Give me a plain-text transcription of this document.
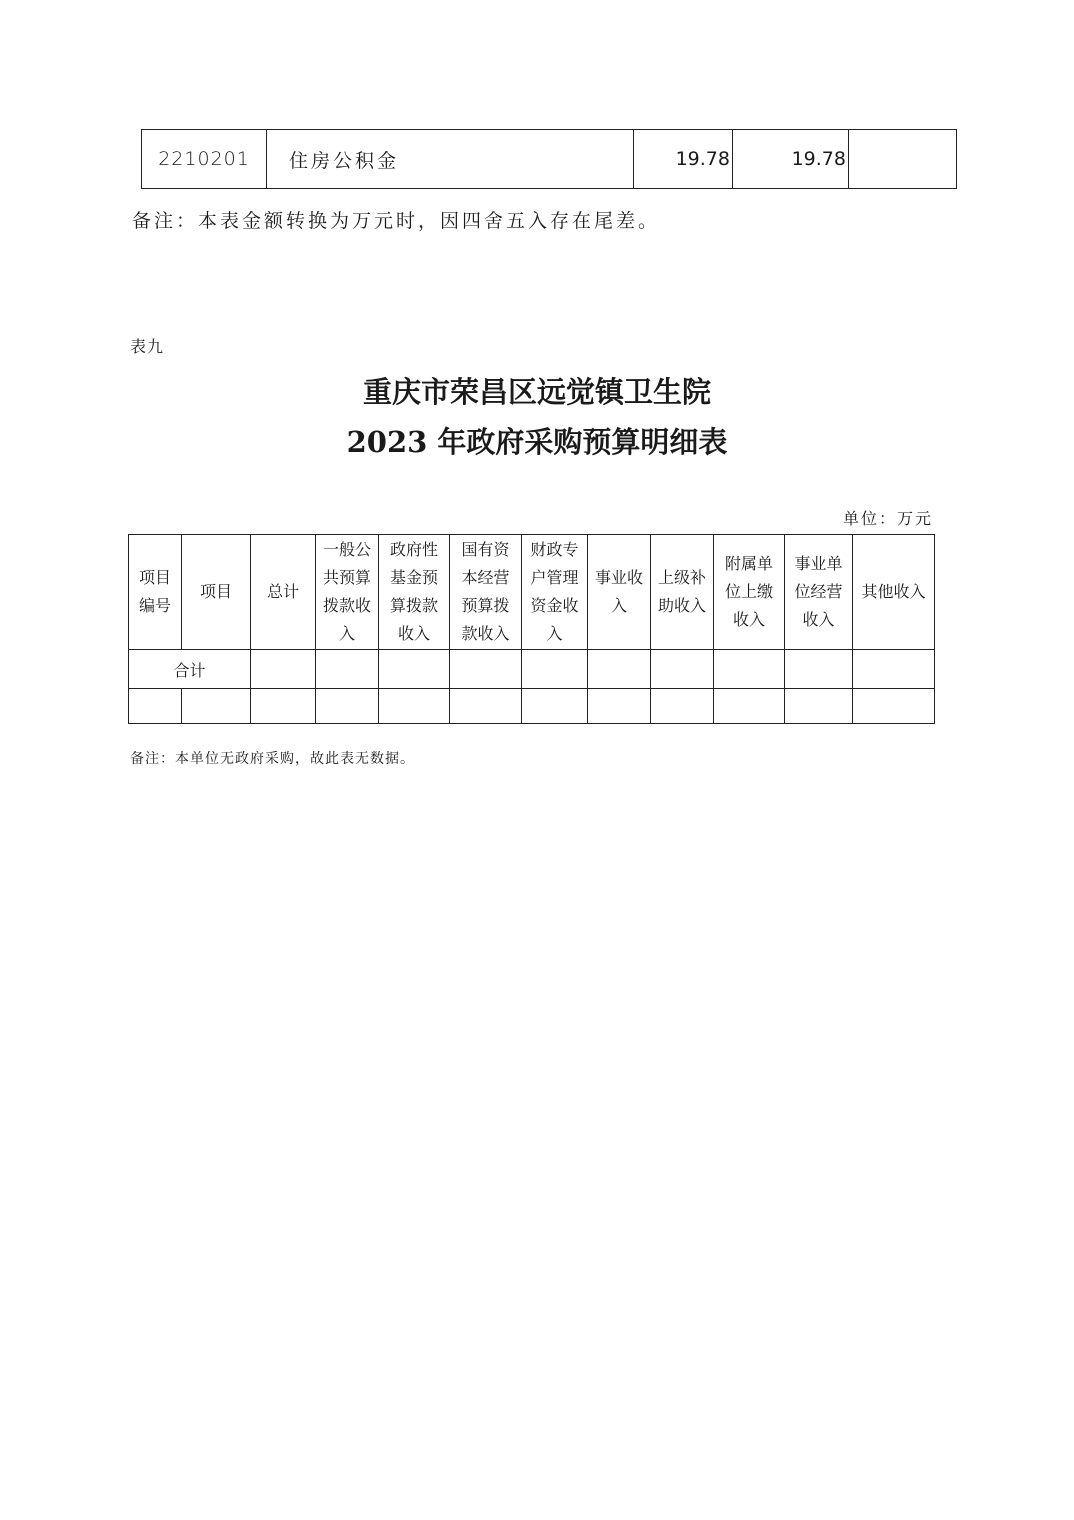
2210201	住房公积金	19.78	19.78	
备注：本表金额转换为万元时，因四舍五入存在尾差。
表九
重庆市荣昌区远觉镇卫生院
2023 年政府采购预算明细表
单位：万元
项目编号	项目	总计	一般公共预算拨款收入	政府性基金预算拨款收入	国有资本经营预算拨款收入	财政专户管理资金收入	事业收入	上级补助收入	附属单位上缴收入	事业单位经营收入	其他收入

合计											

备注：本单位无政府采购，故此表无数据。
